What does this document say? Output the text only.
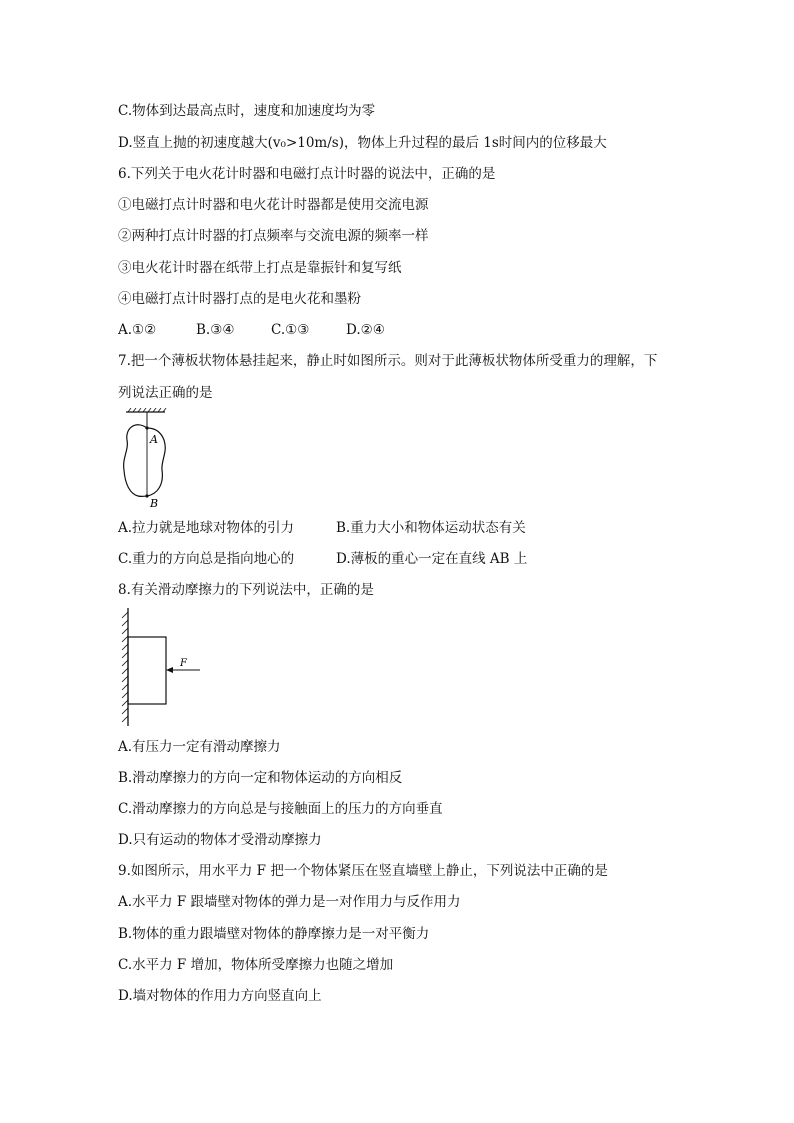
C.物体到达最高点时，速度和加速度均为零
D.竖直上抛的初速度越大(v₀>10m/s)，物体上升过程的最后 1s时间内的位移最大
6.下列关于电火花计时器和电磁打点计时器的说法中，正确的是
①电磁打点计时器和电火花计时器都是使用交流电源
②两种打点计时器的打点频率与交流电源的频率一样
③电火花计时器在纸带上打点是靠振针和复写纸
④电磁打点计时器打点的是电火花和墨粉
A.①②	B.③④	C.①③	D.②④
7.把一个薄板状物体悬挂起来，静止时如图所示。则对于此薄板状物体所受重力的理解，下
列说法正确的是
A
B
A.拉力就是地球对物体的引力	B.重力大小和物体运动状态有关
C.重力的方向总是指向地心的	D.薄板的重心一定在直线 AB 上
8.有关滑动摩擦力的下列说法中，正确的是
F
A.有压力一定有滑动摩擦力
B.滑动摩擦力的方向一定和物体运动的方向相反
C.滑动摩擦力的方向总是与接触面上的压力的方向垂直
D.只有运动的物体才受滑动摩擦力
9.如图所示，用水平力 F 把一个物体紧压在竖直墙壁上静止，下列说法中正确的是
A.水平力 F 跟墙壁对物体的弹力是一对作用力与反作用力
B.物体的重力跟墙壁对物体的静摩擦力是一对平衡力
C.水平力 F 增加，物体所受摩擦力也随之增加
D.墙对物体的作用力方向竖直向上
